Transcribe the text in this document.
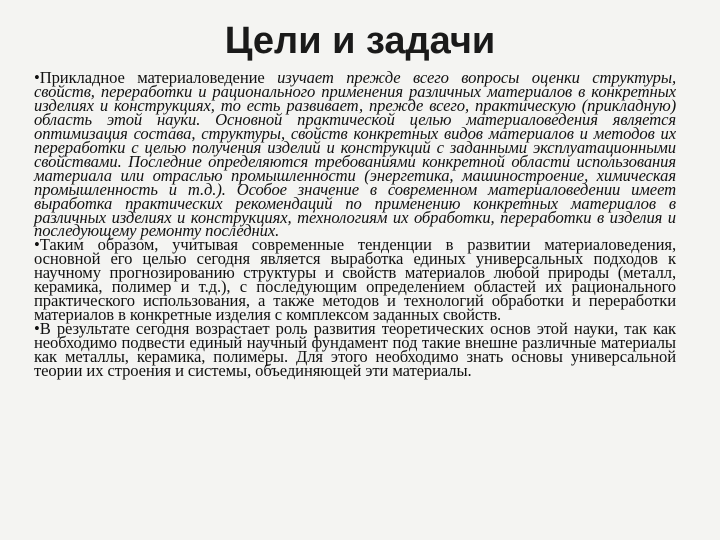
Цели и задачи

•Прикладное материаловедение изучает прежде всего вопросы оценки структуры, свойств, переработки и рационального применения различных материалов в конкретных изделиях и конструкциях, то есть развивает, прежде всего, практическую (прикладную) область этой науки. Основной практической целью материаловедения является оптимизация состава, структуры, свойств конкретных видов материалов и методов их переработки с целью получения изделий и конструкций с заданными эксплуатационными свойствами. Последние определяются требованиями конкретной области использования материала или отраслью промышленности (энергетика, машиностроение, химическая промышленность и т.д.). Особое значение в современном материаловедении имеет выработка практических рекомендаций по применению конкретных материалов в различных изделиях и конструкциях, технологиям их обработки, переработки в изделия и последующему ремонту последних.

•Таким образом, учитывая современные тенденции в развитии материаловедения, основной его целью сегодня является выработка единых универсальных подходов к научному прогнозированию структуры и свойств материалов любой природы (металл, керамика, полимер и т.д.), с последующим определением областей их рационального практического использования, а также методов и технологий обработки и переработки материалов в конкретные изделия с комплексом заданных свойств.

•В результате сегодня возрастает роль развития теоретических основ этой науки, так как необходимо подвести единый научный фундамент под такие внешне различные материалы как металлы, керамика, полимеры. Для этого необходимо знать основы универсальной теории их строения и системы, объединяющей эти материалы.
